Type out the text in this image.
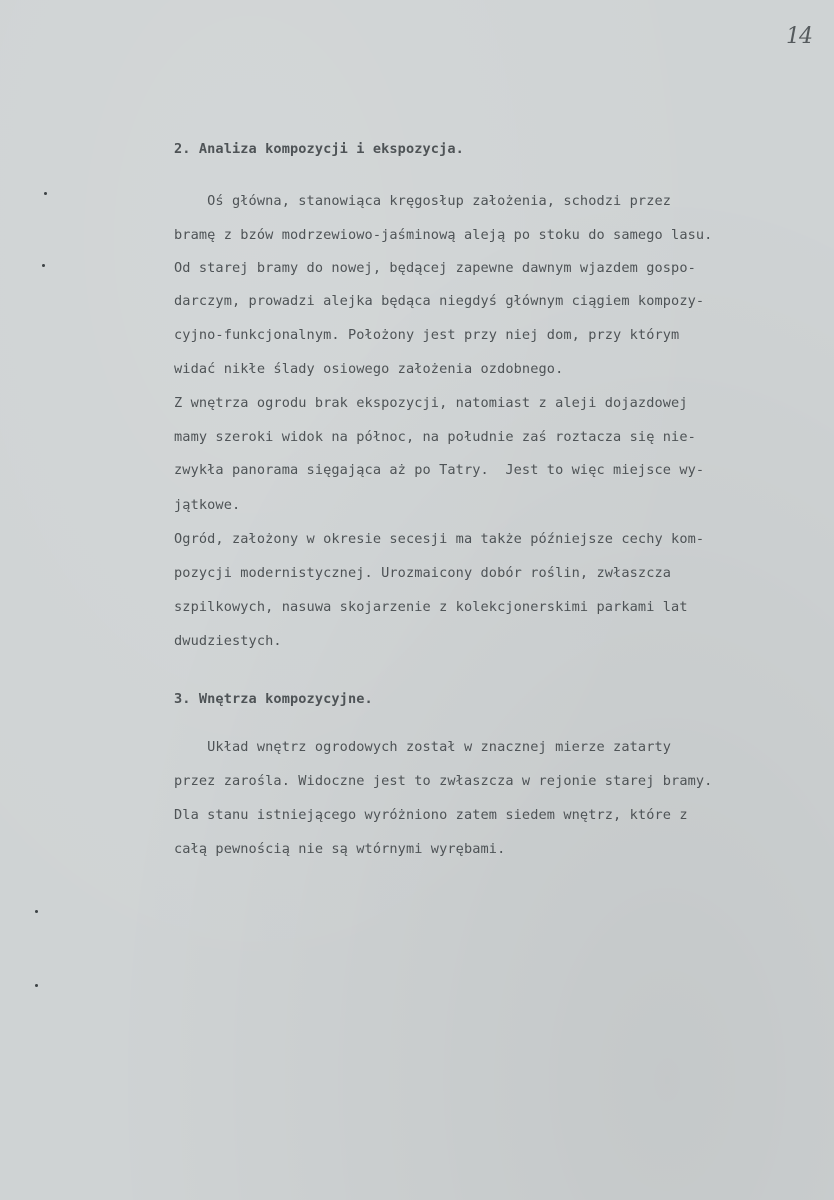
14
2. Analiza kompozycji i ekspozycja.
Oś główna, stanowiąca kręgosłup założenia, schodzi przez
bramę z bzów modrzewiowo-jaśminową aleją po stoku do samego lasu.
Od starej bramy do nowej, będącej zapewne dawnym wjazdem gospo-
darczym, prowadzi alejka będąca niegdyś głównym ciągiem kompozy-
cyjno-funkcjonalnym. Położony jest przy niej dom, przy którym
widać nikłe ślady osiowego założenia ozdobnego.
Z wnętrza ogrodu brak ekspozycji, natomiast z aleji dojazdowej
mamy szeroki widok na północ, na południe zaś roztacza się nie-
zwykła panorama sięgająca aż po Tatry.  Jest to więc miejsce wy-
jątkowe.
Ogród, założony w okresie secesji ma także późniejsze cechy kom-
pozycji modernistycznej. Urozmaicony dobór roślin, zwłaszcza
szpilkowych, nasuwa skojarzenie z kolekcjonerskimi parkami lat
dwudziestych.
3. Wnętrza kompozycyjne.
Układ wnętrz ogrodowych został w znacznej mierze zatarty
przez zarośla. Widoczne jest to zwłaszcza w rejonie starej bramy.
Dla stanu istniejącego wyróżniono zatem siedem wnętrz, które z
całą pewnością nie są wtórnymi wyrębami.
